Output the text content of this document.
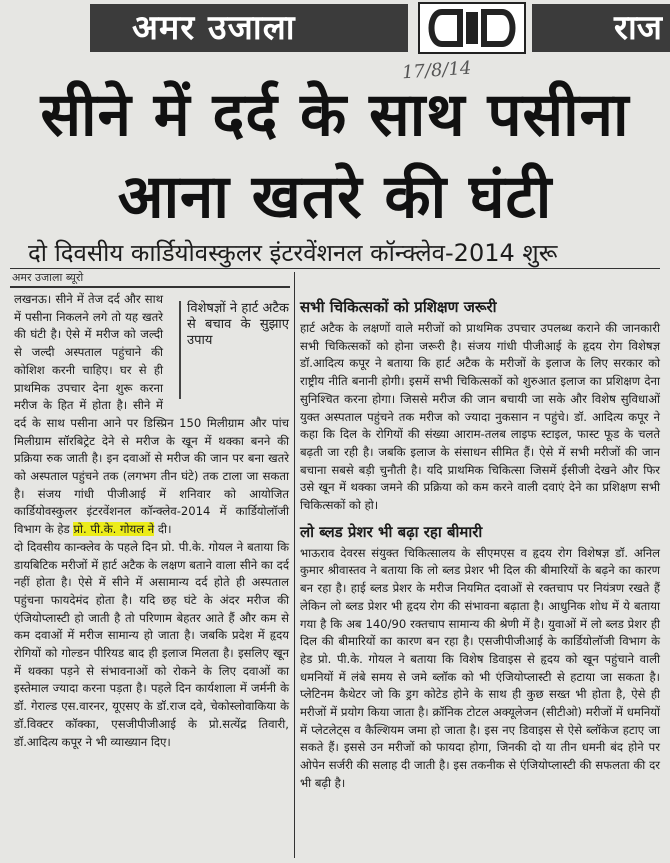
अमर उजाला	राज
17/8/14
सीने में दर्द के साथ पसीना
आना खतरे की घंटी
दो दिवसीय कार्डियोवस्कुलर इंटरवेंशनल कॉन्क्लेव-2014 शुरू
अमर उजाला ब्यूरो
विशेषज्ञों ने हार्ट अटैक से बचाव के सुझाए उपाय

लखनऊ। सीने में तेज दर्द और साथ में पसीना निकलने लगे तो यह खतरे की घंटी है। ऐसे में मरीज को जल्दी से जल्दी अस्पताल पहुंचाने की कोशिश करनी चाहिए। घर से ही प्राथमिक उपचार देना शुरू करना मरीज के हित में होता है। सीने में दर्द के साथ पसीना आने पर डिस्प्रिन 150 मिलीग्राम और पांच मिलीग्राम सॉरबिट्रेट देने से मरीज के खून में थक्का बनने की प्रक्रिया रुक जाती है। इन दवाओं से मरीज की जान पर बना खतरे को अस्पताल पहुंचने तक (लगभग तीन घंटे) तक टाला जा सकता है। संजय गांधी पीजीआई में शनिवार को आयोजित कार्डियोवस्कुलर इंटरवेंशनल कॉन्क्लेव-2014 में कार्डियोलॉजी विभाग के हेड प्रो. पी.के. गोयल ने दी।

दो दिवसीय कान्क्लेव के पहले दिन प्रो. पी.के. गोयल ने बताया कि डायबिटिक मरीजों में हार्ट अटैक के लक्षण बताने वाला सीने का दर्द नहीं होता है। ऐसे में सीने में असामान्य दर्द होते ही अस्पताल पहुंचना फायदेमंद होता है। यदि छह घंटे के अंदर मरीज की एंजियोप्लास्टी हो जाती है तो परिणाम बेहतर आते हैं और कम से कम दवाओं में मरीज सामान्य हो जाता है। जबकि प्रदेश में हृदय रोगियों को गोल्डन पीरियड बाद ही इलाज मिलता है। इसलिए खून में थक्का पड़ने से संभावनाओं को रोकने के लिए दवाओं का इस्तेमाल ज्यादा करना पड़ता है। पहले दिन कार्यशाला में जर्मनी के डॉ. गेराल्ड एस.वारनर, यूएसए के डॉ.राज दवे, चेकोस्लोवाकिया के डॉ.विक्टर कॉक्का, एसजीपीजीआई के प्रो.सत्येंद्र तिवारी, डॉ.आदित्य कपूर ने भी व्याख्यान दिए।

सभी चिकित्सकों को प्रशिक्षण जरूरी

हार्ट अटैक के लक्षणों वाले मरीजों को प्राथमिक उपचार उपलब्ध कराने की जानकारी सभी चिकित्सकों को होना जरूरी है। संजय गांधी पीजीआई के हृदय रोग विशेषज्ञ डॉ.आदित्य कपूर ने बताया कि हार्ट अटैक के मरीजों के इलाज के लिए सरकार को राष्ट्रीय नीति बनानी होगी। इसमें सभी चिकित्सकों को शुरुआत इलाज का प्रशिक्षण देना सुनिश्चित करना होगा। जिससे मरीज की जान बचायी जा सके और विशेष सुविधाओं युक्त अस्पताल पहुंचने तक मरीज को ज्यादा नुकसान न पहुंचे। डॉ. आदित्य कपूर ने कहा कि दिल के रोगियों की संख्या आराम-तलब लाइफ स्टाइल, फास्ट फूड के चलते बढ़ती जा रही है। जबकि इलाज के संसाधन सीमित हैं। ऐसे में सभी मरीजों की जान बचाना सबसे बड़ी चुनौती है। यदि प्राथमिक चिकित्सा जिसमें ईसीजी देखने और फिर उसे खून में थक्का जमने की प्रक्रिया को कम करने वाली दवाएं देने का प्रशिक्षण सभी चिकित्सकों को हो।

लो ब्लड प्रेशर भी बढ़ा रहा बीमारी

भाऊराव देवरस संयुक्त चिकित्सालय के सीएमएस व हृदय रोग विशेषज्ञ डॉ. अनिल कुमार श्रीवास्तव ने बताया कि लो ब्लड प्रेशर भी दिल की बीमारियों के बढ़ने का कारण बन रहा है। हाई ब्लड प्रेशर के मरीज नियमित दवाओं से रक्तचाप पर नियंत्रण रखते हैं लेकिन लो ब्लड प्रेशर भी हृदय रोग की संभावना बढ़ाता है। आधुनिक शोध में ये बताया गया है कि अब 140/90 रक्तचाप सामान्य की श्रेणी में है। युवाओं में लो ब्लड प्रेशर ही दिल की बीमारियों का कारण बन रहा है। एसजीपीजीआई के कार्डियोलॉजी विभाग के हेड प्रो. पी.के. गोयल ने बताया कि विशेष डिवाइस से हृदय को खून पहुंचाने वाली धमनियों में लंबे समय से जमे ब्लॉक को भी एंजियोप्लास्टी से हटाया जा सकता है। प्लेटिनम कैथेटर जो कि ड्रग कोटेड होने के साथ ही कुछ सख्त भी होता है, ऐसे ही मरीजों में प्रयोग किया जाता है। क्रॉनिक टोटल अक्यूलेजन (सीटीओ) मरीजों में धमनियों में प्लेटलेट्स व कैल्शियम जमा हो जाता है। इस नए डिवाइस से ऐसे ब्लॉकेज हटाए जा सकते हैं। इससे उन मरीजों को फायदा होगा, जिनकी दो या तीन धमनी बंद होने पर ओपेन सर्जरी की सलाह दी जाती है। इस तकनीक से एंजियोप्लास्टी की सफलता की दर भी बढ़ी है।
